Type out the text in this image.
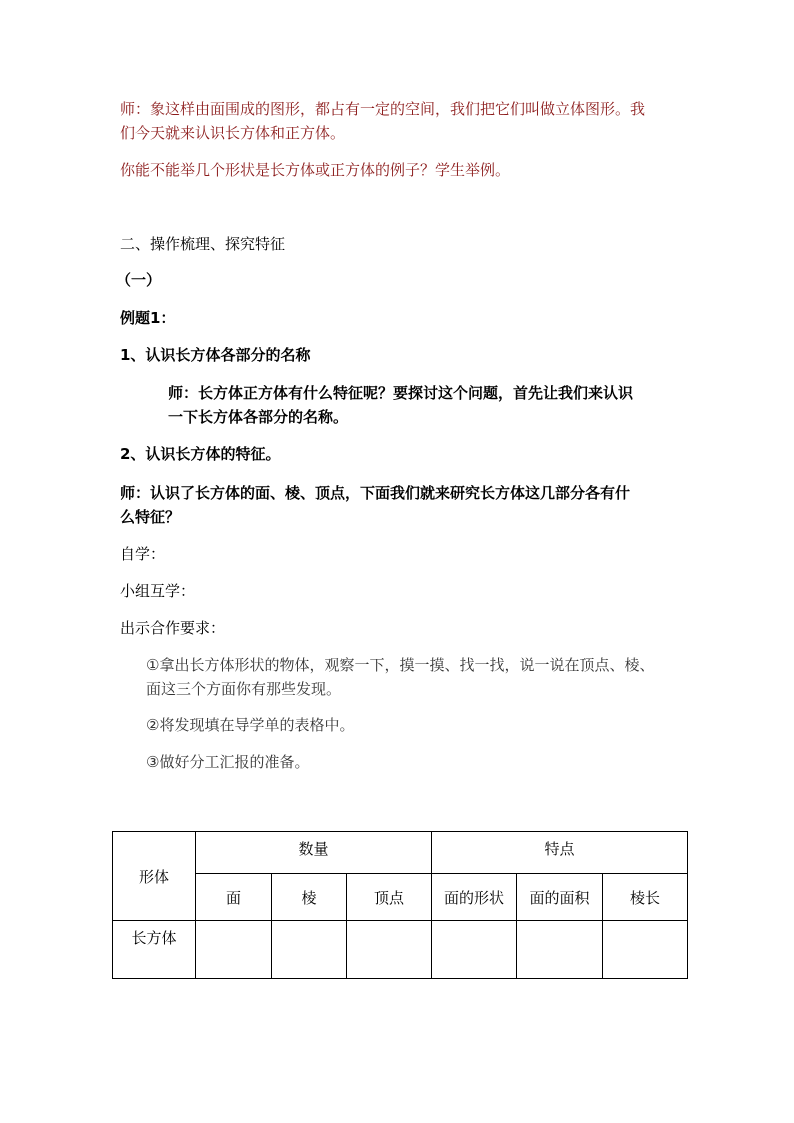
师：象这样由面围成的图形，都占有一定的空间，我们把它们叫做立体图形。我

们今天就来认识长方体和正方体。

你能不能举几个形状是长方体或正方体的例子？学生举例。

二、操作梳理、探究特征

（一）

例题1：

1、认识长方体各部分的名称

师：长方体正方体有什么特征呢？要探讨这个问题，首先让我们来认识

一下长方体各部分的名称。

2、认识长方体的特征。

师：认识了长方体的面、棱、顶点，下面我们就来研究长方体这几部分各有什

么特征？

自学：

小组互学：

出示合作要求：

①拿出长方体形状的物体，观察一下，摸一摸、找一找，说一说在顶点、棱、

面这三个方面你有那些发现。

②将发现填在导学单的表格中。

③做好分工汇报的准备。

形体	数量			特点		
	面	棱	顶点	面的形状	面的面积	棱长
长方体						
